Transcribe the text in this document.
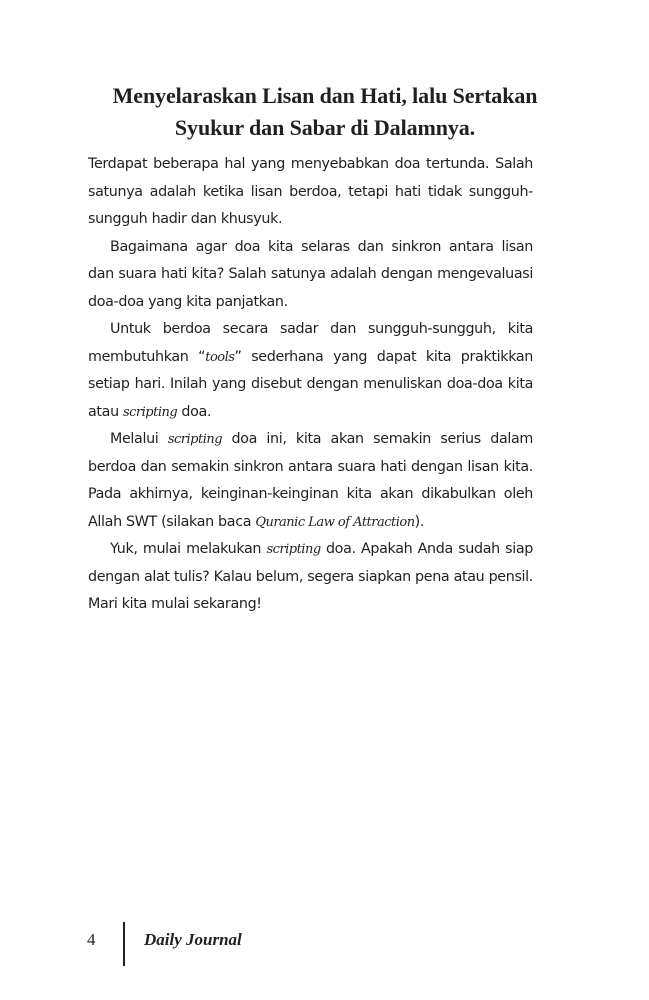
Menyelaraskan Lisan dan Hati, lalu Sertakan
Syukur dan Sabar di Dalamnya.

Terdapat beberapa hal yang menyebabkan doa tertunda. Salah satunya adalah ketika lisan berdoa, tetapi hati tidak sungguh-sungguh hadir dan khusyuk.

Bagaimana agar doa kita selaras dan sinkron antara lisan dan suara hati kita? Salah satunya adalah dengan mengevaluasi doa-doa yang kita panjatkan.

Untuk berdoa secara sadar dan sungguh-sungguh, kita membutuhkan “tools” sederhana yang dapat kita praktikkan setiap hari. Inilah yang disebut dengan menuliskan doa-doa kita atau scripting doa.

Melalui scripting doa ini, kita akan semakin serius dalam berdoa dan semakin sinkron antara suara hati dengan lisan kita. Pada akhirnya, keinginan-keinginan kita akan dikabulkan oleh Allah SWT (silakan baca Quranic Law of Attraction).

Yuk, mulai melakukan scripting doa. Apakah Anda sudah siap dengan alat tulis? Kalau belum, segera siapkan pena atau pensil. Mari kita mulai sekarang!

4	Daily Journal
